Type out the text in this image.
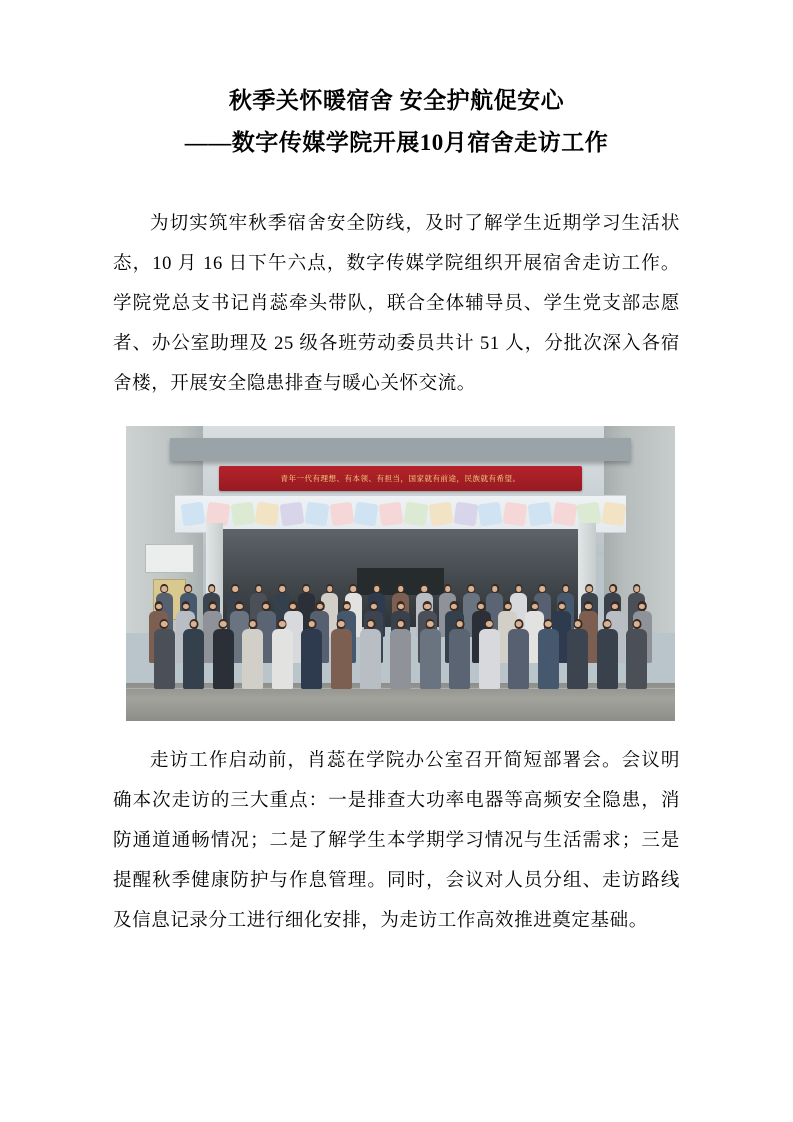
秋季关怀暖宿舍 安全护航促安心
——数字传媒学院开展10月宿舍走访工作

为切实筑牢秋季宿舍安全防线，及时了解学生近期学习生活状态，10 月 16 日下午六点，数字传媒学院组织开展宿舍走访工作。学院党总支书记肖蕊牵头带队，联合全体辅导员、学生党支部志愿者、办公室助理及 25 级各班劳动委员共计 51 人，分批次深入各宿舍楼，开展安全隐患排查与暖心关怀交流。

青年一代有理想、有本领、有担当，国家就有前途，民族就有希望。

走访工作启动前，肖蕊在学院办公室召开简短部署会。会议明确本次走访的三大重点：一是排查大功率电器等高频安全隐患，消防通道通畅情况；二是了解学生本学期学习情况与生活需求；三是提醒秋季健康防护与作息管理。同时，会议对人员分组、走访路线及信息记录分工进行细化安排，为走访工作高效推进奠定基础。
